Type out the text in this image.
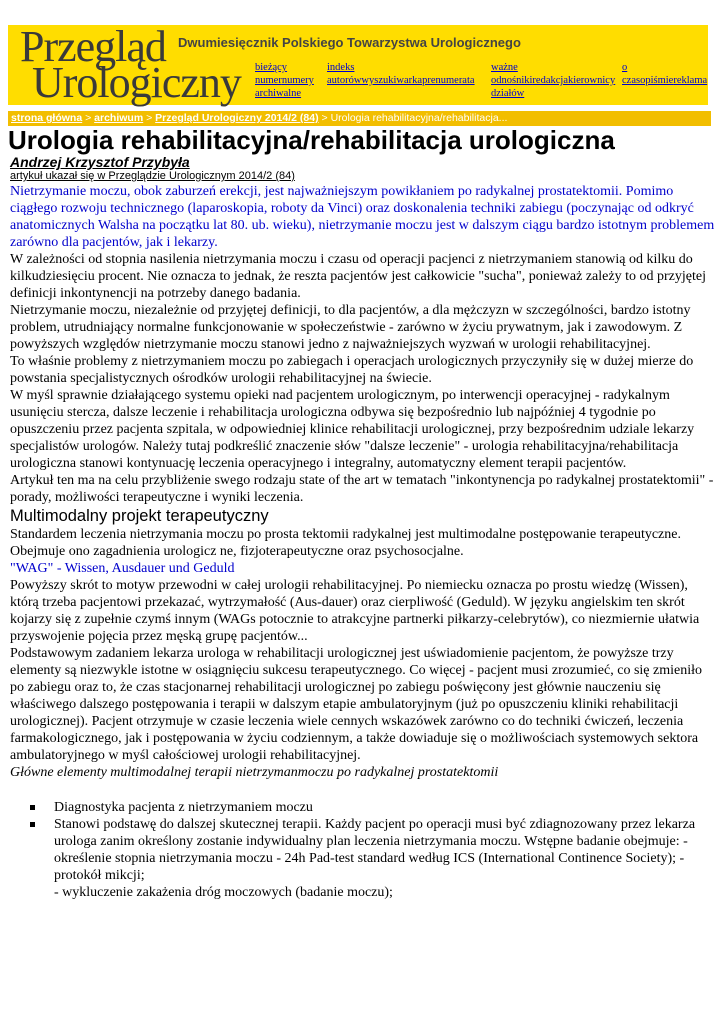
Przegląd
Urologiczny
Dwumiesięcznik Polskiego Towarzystwa Urologicznego
bieżący
numernumery
archiwalne
indeks
autorówwyszukiwarkaprenumerata
ważne
odnośnikiredakcjakierownicy
działów
o
czasopiśmiereklama
strona główna > archiwum > Przegląd Urologiczny 2014/2 (84) > Urologia rehabilitacyjna/rehabilitacja...
Urologia rehabilitacyjna/rehabilitacja urologiczna
Andrzej Krzysztof Przybyła
artykuł ukazał się w Przeglądzie Urologicznym 2014/2 (84)

Nietrzymanie moczu, obok zaburzeń erekcji, jest najważniejszym powikłaniem po radykalnej prostatektomii. Pomimo ciągłego rozwoju technicznego (laparoskopia, roboty da Vinci) oraz doskonalenia techniki zabiegu (poczynając od odkryć anatomicznych Walsha na początku lat 80. ub. wieku), nietrzymanie moczu jest w dalszym ciągu bardzo istotnym problemem zarówno dla pacjentów, jak i lekarzy.

W zależności od stopnia nasilenia nietrzymania moczu i czasu od operacji pacjenci z nietrzymaniem stanowią od kilku do kilkudziesięciu procent. Nie oznacza to jednak, że reszta pacjentów jest całkowicie "sucha", ponieważ zależy to od przyjętej definicji inkontynencji na potrzeby danego badania.

Nietrzymanie moczu, niezależnie od przyjętej definicji, to dla pacjentów, a dla mężczyzn w szczególności, bardzo istotny problem, utrudniający normalne funkcjonowanie w społeczeństwie - zarówno w życiu prywatnym, jak i zawodowym. Z powyższych względów nietrzymanie moczu stanowi jedno z najważniejszych wyzwań w urologii rehabilitacyjnej.

To właśnie problemy z nietrzymaniem moczu po zabiegach i operacjach urologicznych przyczyniły się w dużej mierze do powstania specjalistycznych ośrodków urologii rehabilitacyjnej na świecie.

W myśl sprawnie działającego systemu opieki nad pacjentem urologicznym, po interwencji operacyjnej - radykalnym usunięciu stercza, dalsze leczenie i rehabilitacja urologiczna odbywa się bezpośrednio lub najpóźniej 4 tygodnie po opuszczeniu przez pacjenta szpitala, w odpowiedniej klinice rehabilitacji urologicznej, przy bezpośrednim udziale lekarzy specjalistów urologów. Należy tutaj podkreślić znaczenie słów "dalsze leczenie" - urologia rehabilitacyjna/rehabilitacja urologiczna stanowi kontynuację leczenia operacyjnego i integralny, automatyczny element terapii pacjentów.

Artykuł ten ma na celu przybliżenie swego rodzaju state of the art w tematach "inkontynencja po radykalnej prostatektomii" - porady, możliwości terapeutyczne i wyniki leczenia.

Multimodalny projekt terapeutyczny

Standardem leczenia nietrzymania moczu po prosta tektomii radykalnej jest multimodalne postępowanie terapeutyczne. Obejmuje ono zagadnienia urologicz ne, fizjoterapeutyczne oraz psychosocjalne.

"WAG" - Wissen, Ausdauer und Geduld

Powyższy skrót to motyw przewodni w całej urologii rehabilitacyjnej. Po niemiecku oznacza po prostu wiedzę (Wissen), którą trzeba pacjentowi przekazać, wytrzymałość (Aus-dauer) oraz cierpliwość (Geduld). W języku angielskim ten skrót kojarzy się z zupełnie czymś innym (WAGs potocznie to atrakcyjne partnerki piłkarzy-celebrytów), co niezmiernie ułatwia przyswojenie pojęcia przez męską grupę pacjentów...

Podstawowym zadaniem lekarza urologa w rehabilitacji urologicznej jest uświadomienie pacjentom, że powyższe trzy elementy są niezwykle istotne w osiągnięciu sukcesu terapeutycznego. Co więcej - pacjent musi zrozumieć, co się zmieniło po zabiegu oraz to, że czas stacjonarnej rehabilitacji urologicznej po zabiegu poświęcony jest głównie nauczeniu się właściwego dalszego postępowania i terapii w dalszym etapie ambulatoryjnym (już po opuszczeniu kliniki rehabilitacji urologicznej). Pacjent otrzymuje w czasie leczenia wiele cennych wskazówek zarówno co do techniki ćwiczeń, leczenia farmakologicznego, jak i postępowania w życiu codziennym, a także dowiaduje się o możliwościach systemowych sektora ambulatoryjnego w myśl całościowej urologii rehabilitacyjnej.

Główne elementy multimodalnej terapii nietrzymanmoczu po radykalnej prostatektomii

Diagnostyka pacjenta z nietrzymaniem moczu
Stanowi podstawę do dalszej skutecznej terapii. Każdy pacjent po operacji musi być zdiagnozowany przez lekarza urologa zanim określony zostanie indywidualny plan leczenia nietrzymania moczu. Wstępne badanie obejmuje: - określenie stopnia nietrzymania moczu - 24h Pad-test standard według ICS (International Continence Society); - protokół mikcji;
- wykluczenie zakażenia dróg moczowych (badanie moczu);
